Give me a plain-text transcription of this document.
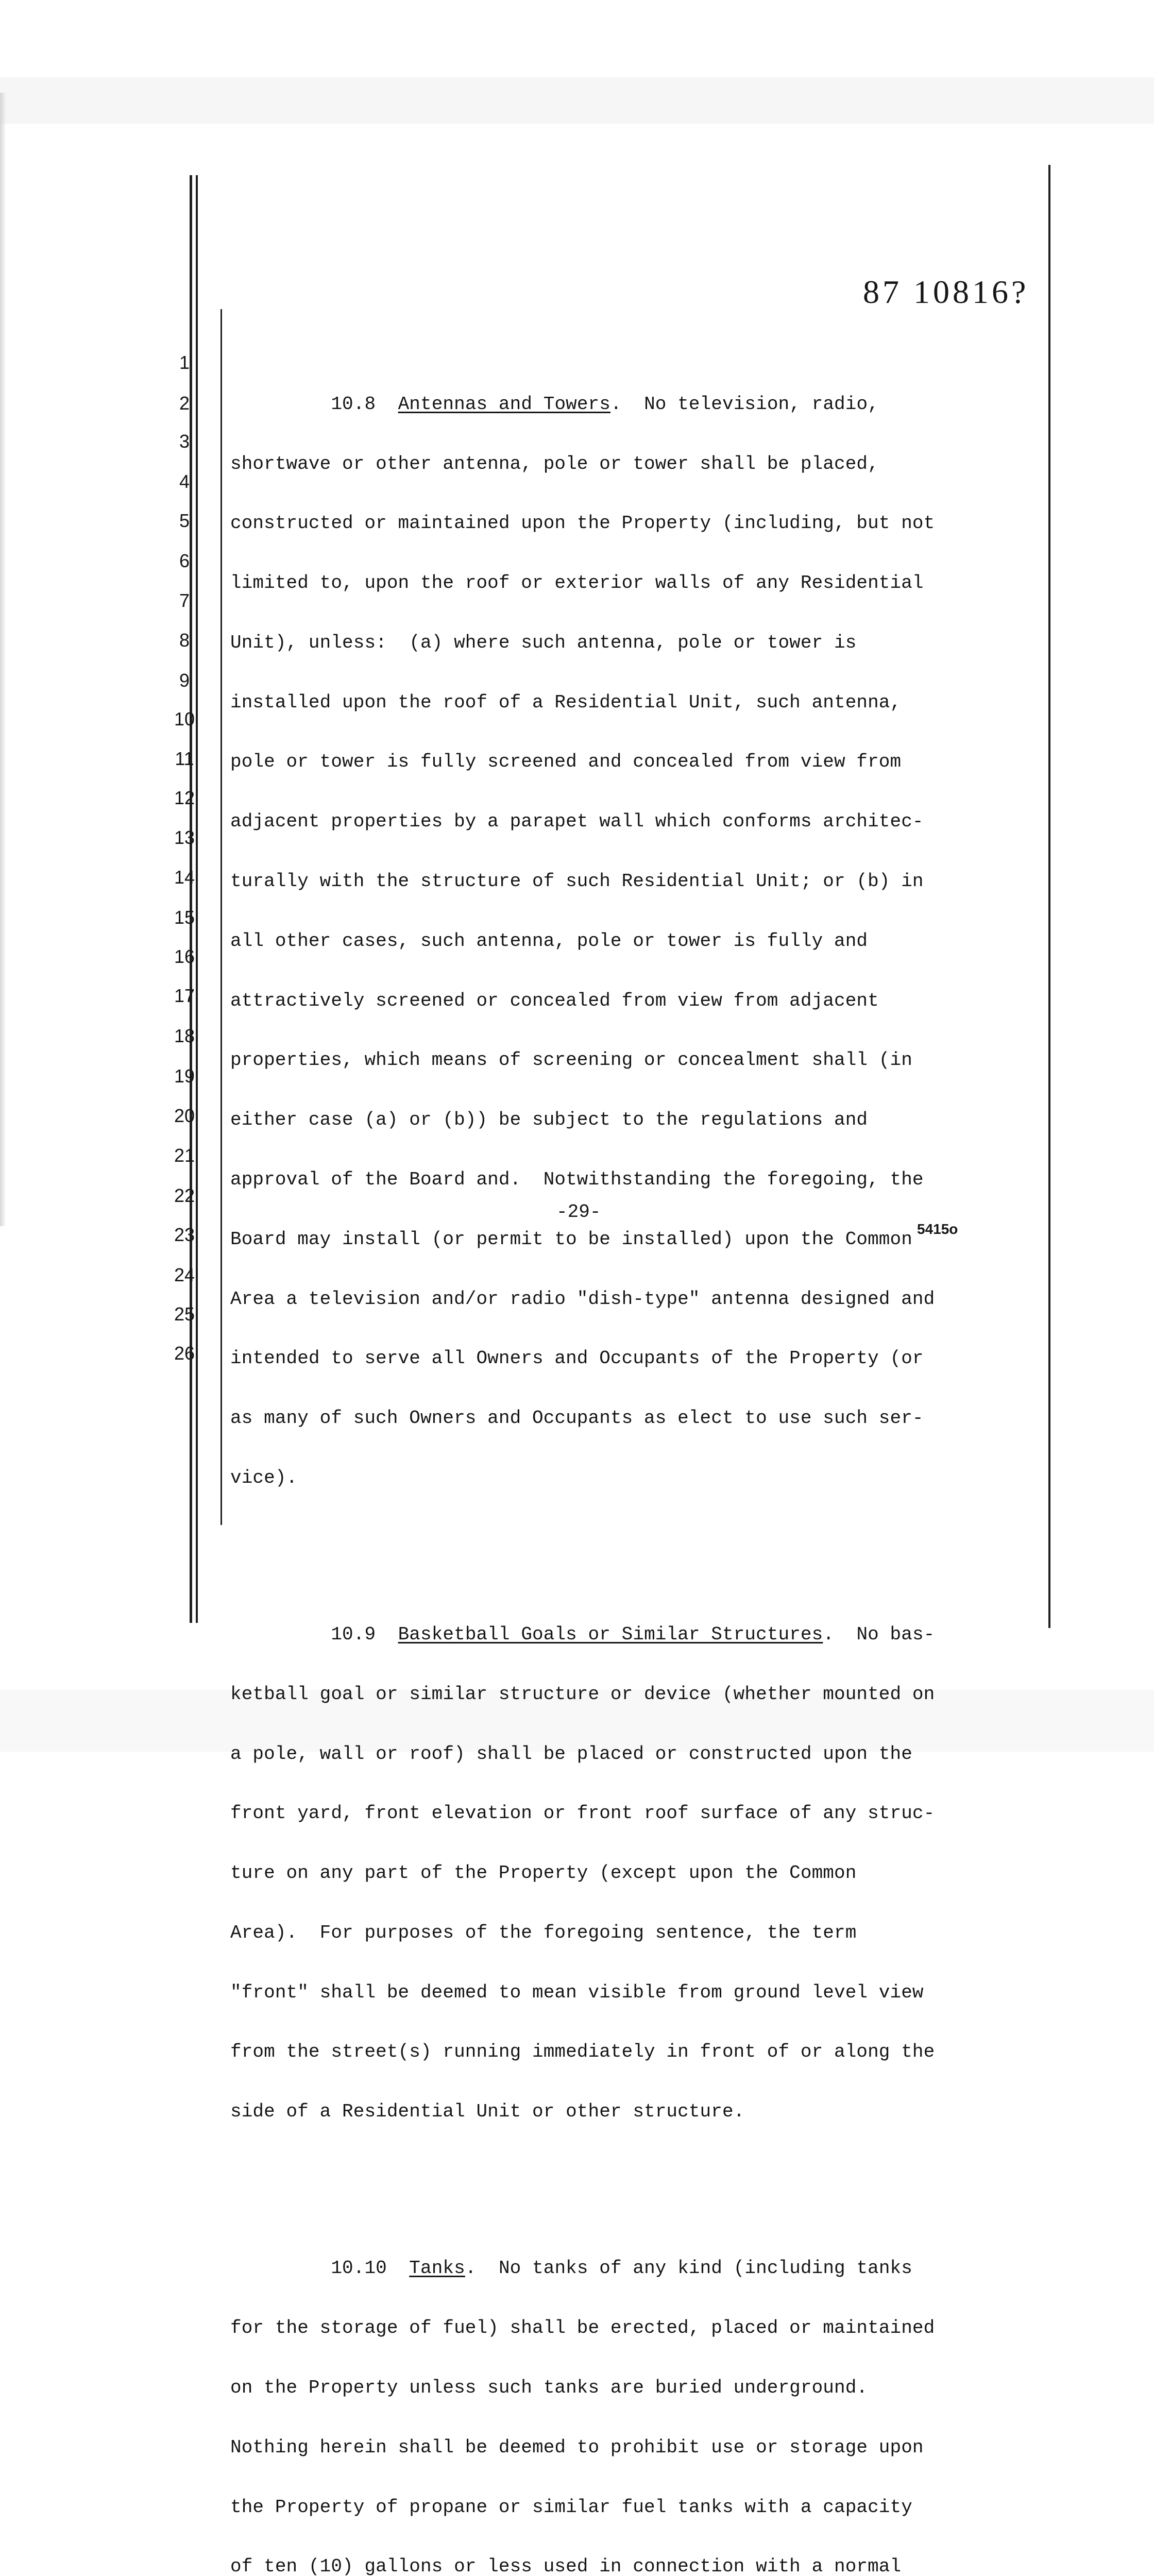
87 10816?
1
2
3
4
5
6
7
8
9
10
11
12
13
14
15
16
17
18
19
20
21
22
23
24
25
26

10.8 Antennas and Towers.  No television, radio,

shortwave or other antenna, pole or tower shall be placed,

constructed or maintained upon the Property (including, but not

limited to, upon the roof or exterior walls of any Residential

Unit), unless:  (a) where such antenna, pole or tower is

installed upon the roof of a Residential Unit, such antenna,

pole or tower is fully screened and concealed from view from

adjacent properties by a parapet wall which conforms architec-

turally with the structure of such Residential Unit; or (b) in

all other cases, such antenna, pole or tower is fully and

attractively screened or concealed from view from adjacent

properties, which means of screening or concealment shall (in

either case (a) or (b)) be subject to the regulations and

approval of the Board and.  Notwithstanding the foregoing, the

Board may install (or permit to be installed) upon the Common

Area a television and/or radio "dish-type" antenna designed and

intended to serve all Owners and Occupants of the Property (or

as many of such Owners and Occupants as elect to use such ser-

vice).

10.9 Basketball Goals or Similar Structures.  No bas-

ketball goal or similar structure or device (whether mounted on

a pole, wall or roof) shall be placed or constructed upon the

front yard, front elevation or front roof surface of any struc-

ture on any part of the Property (except upon the Common

Area).  For purposes of the foregoing sentence, the term

"front" shall be deemed to mean visible from ground level view

from the street(s) running immediately in front of or along the

side of a Residential Unit or other structure.

10.10 Tanks.  No tanks of any kind (including tanks

for the storage of fuel) shall be erected, placed or maintained

on the Property unless such tanks are buried underground.

Nothing herein shall be deemed to prohibit use or storage upon

the Property of propane or similar fuel tanks with a capacity

of ten (10) gallons or less used in connection with a normal

-29-
5415o
